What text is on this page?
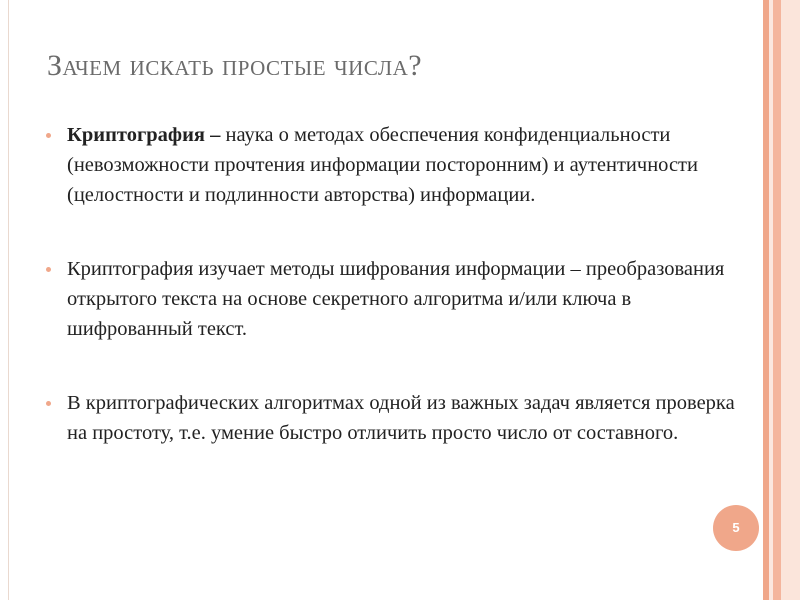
Зачем искать простые числа?
Криптография – наука о методах обеспечения конфиденциальности (невозможности прочтения информации посторонним) и аутентичности (целостности и подлинности авторства) информации.
Криптография изучает методы шифрования информации – преобразования открытого текста на основе секретного алгоритма и/или ключа в шифрованный текст.
В криптографических алгоритмах одной из важных задач является проверка на простоту, т.е. умение быстро отличить просто число от составного.
5
